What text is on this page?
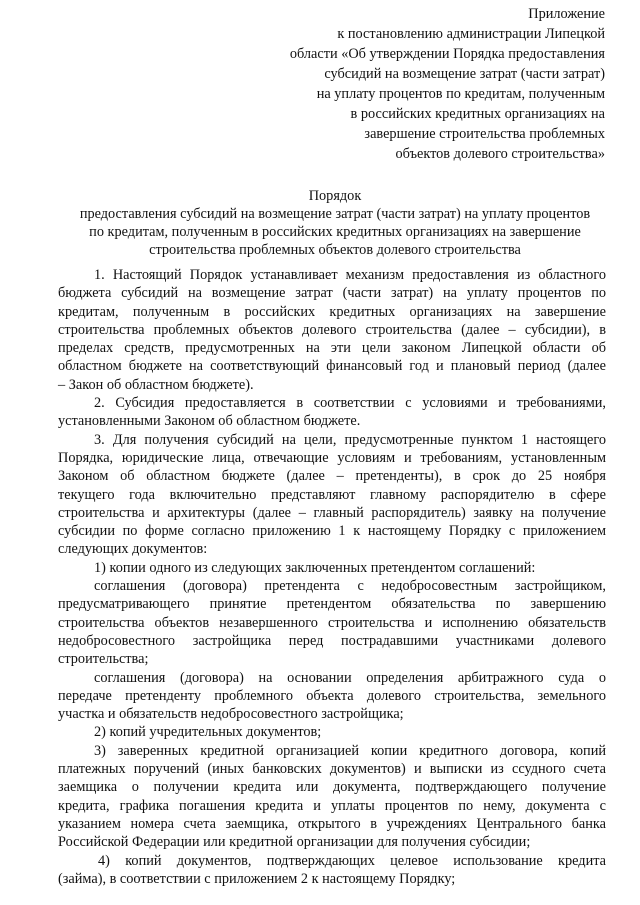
Приложение
к постановлению администрации Липецкой
области «Об утверждении Порядка предоставления
субсидий на возмещение затрат (части затрат)
на уплату процентов по кредитам, полученным
в российских кредитных организациях на
завершение строительства проблемных
объектов долевого строительства»
Порядок
предоставления субсидий на возмещение затрат (части затрат) на уплату процентов
по кредитам, полученным в российских кредитных организациях на завершение
строительства проблемных объектов долевого строительства
1. Настоящий Порядок устанавливает механизм предоставления из областного
бюджета субсидий на возмещение затрат (части затрат) на уплату процентов по
кредитам, полученным в российских кредитных организациях на завершение
строительства проблемных объектов долевого строительства (далее – субсидии), в
пределах средств, предусмотренных на эти цели законом Липецкой области об
областном бюджете на соответствующий финансовый год и плановый период (далее
– Закон об областном бюджете).
2. Субсидия предоставляется в соответствии с условиями и требованиями,
установленными Законом об областном бюджете.
3. Для получения субсидий на цели, предусмотренные пунктом 1 настоящего
Порядка, юридические лица, отвечающие условиям и требованиям, установленным
Законом об областном бюджете (далее – претенденты), в срок до 25 ноября
текущего года включительно представляют главному распорядителю в сфере
строительства и архитектуры (далее – главный распорядитель) заявку на получение
субсидии по форме согласно приложению 1 к настоящему Порядку с приложением
следующих документов:
1) копии одного из следующих заключенных претендентом соглашений:
соглашения (договора) претендента с недобросовестным застройщиком,
предусматривающего принятие претендентом обязательства по завершению
строительства объектов незавершенного строительства и исполнению обязательств
недобросовестного застройщика перед пострадавшими участниками долевого
строительства;
соглашения (договора) на основании определения арбитражного суда о
передаче претенденту проблемного объекта долевого строительства, земельного
участка и обязательств недобросовестного застройщика;
2) копий учредительных документов;
3) заверенных кредитной организацией копии кредитного договора, копий
платежных поручений (иных банковских документов) и выписки из ссудного счета
заемщика о получении кредита или документа, подтверждающего получение
кредита, графика погашения кредита и уплаты процентов по нему, документа с
указанием номера счета заемщика, открытого в учреждениях Центрального банка
Российской Федерации или кредитной организации для получения субсидии;
4) копий документов, подтверждающих целевое использование кредита
(займа), в соответствии с приложением 2 к настоящему Порядку;
